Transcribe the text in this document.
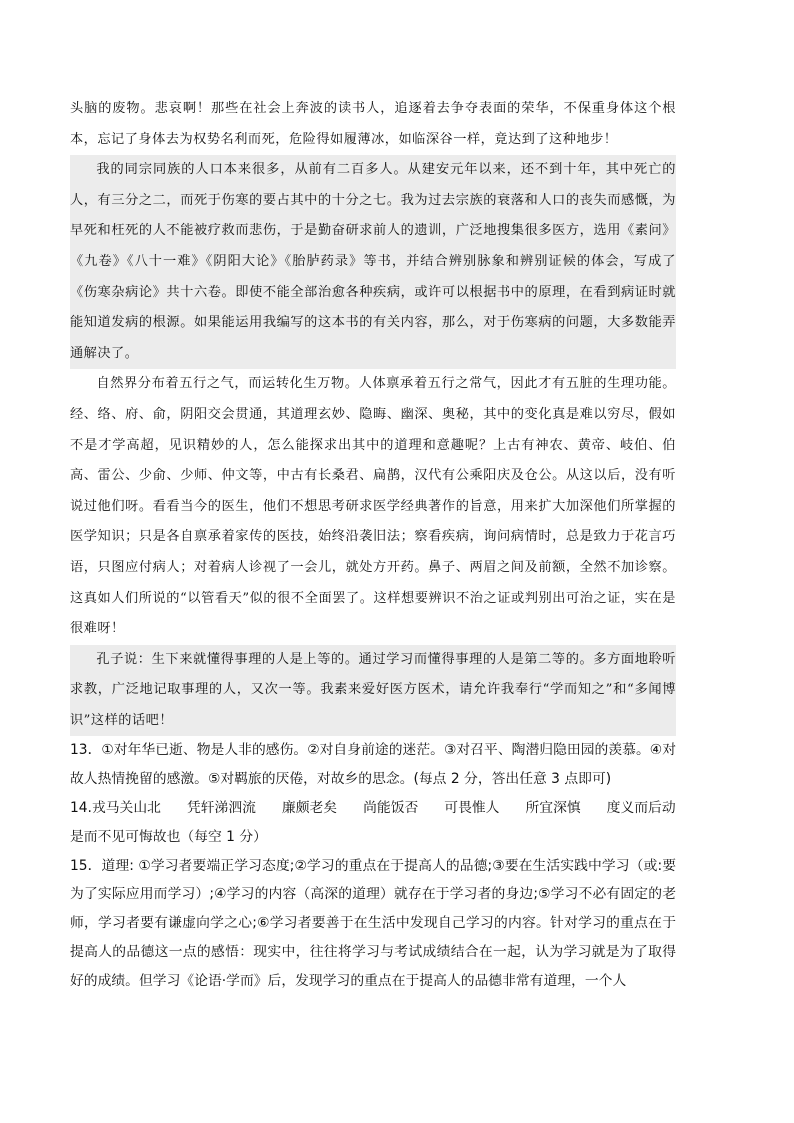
头脑的废物。悲哀啊！那些在社会上奔波的读书人，追逐着去争夺表面的荣华，不保重身体这个根本，忘记了身体去为权势名利而死，危险得如履薄冰，如临深谷一样，竟达到了这种地步！

我的同宗同族的人口本来很多，从前有二百多人。从建安元年以来，还不到十年，其中死亡的人，有三分之二，而死于伤寒的要占其中的十分之七。我为过去宗族的衰落和人口的丧失而感慨，为早死和枉死的人不能被疗救而悲伤，于是勤奋研求前人的遗训，广泛地搜集很多医方，选用《素问》《九卷》《八十一难》《阴阳大论》《胎胪药录》等书，并结合辨别脉象和辨别证候的体会，写成了《伤寒杂病论》共十六卷。即使不能全部治愈各种疾病，或许可以根据书中的原理，在看到病证时就能知道发病的根源。如果能运用我编写的这本书的有关内容，那么，对于伤寒病的问题，大多数能弄通解决了。

自然界分布着五行之气，而运转化生万物。人体禀承着五行之常气，因此才有五脏的生理功能。经、络、府、俞，阴阳交会贯通，其道理玄妙、隐晦、幽深、奥秘，其中的变化真是难以穷尽，假如不是才学高超，见识精妙的人，怎么能探求出其中的道理和意趣呢？上古有神农、黄帝、岐伯、伯高、雷公、少俞、少师、仲文等，中古有长桑君、扁鹊，汉代有公乘阳庆及仓公。从这以后，没有听说过他们呀。看看当今的医生，他们不想思考研求医学经典著作的旨意，用来扩大加深他们所掌握的医学知识；只是各自禀承着家传的医技，始终沿袭旧法；察看疾病，询问病情时，总是致力于花言巧语，只图应付病人；对着病人诊视了一会儿，就处方开药。鼻子、两眉之间及前额，全然不加诊察。这真如人们所说的“以管看天”似的很不全面罢了。这样想要辨识不治之证或判别出可治之证，实在是很难呀！

孔子说：生下来就懂得事理的人是上等的。通过学习而懂得事理的人是第二等的。多方面地聆听求教，广泛地记取事理的人，又次一等。我素来爱好医方医术，请允许我奉行“学而知之”和“多闻博识”这样的话吧！

13．①对年华已逝、物是人非的感伤。②对自身前途的迷茫。③对召平、陶潜归隐田园的羡慕。④对故人热情挽留的感激。⑤对羁旅的厌倦，对故乡的思念。(每点 2 分，答出任意 3 点即可)

14.戎马关山北 凭轩涕泗流 廉颇老矣 尚能饭否 可畏惟人 所宜深慎 度义而后动

是而不见可悔故也（每空 1 分）

15．道理: ①学习者要端正学习态度;②学习的重点在于提高人的品德;③要在生活实践中学习（或:要为了实际应用而学习）;④学习的内容（高深的道理）就存在于学习者的身边;⑤学习不必有固定的老师，学习者要有谦虚向学之心;⑥学习者要善于在生活中发现自己学习的内容。针对学习的重点在于提高人的品德这一点的感悟：现实中，往往将学习与考试成绩结合在一起，认为学习就是为了取得好的成绩。但学习《论语·学而》后，发现学习的重点在于提高人的品德非常有道理，一个人
